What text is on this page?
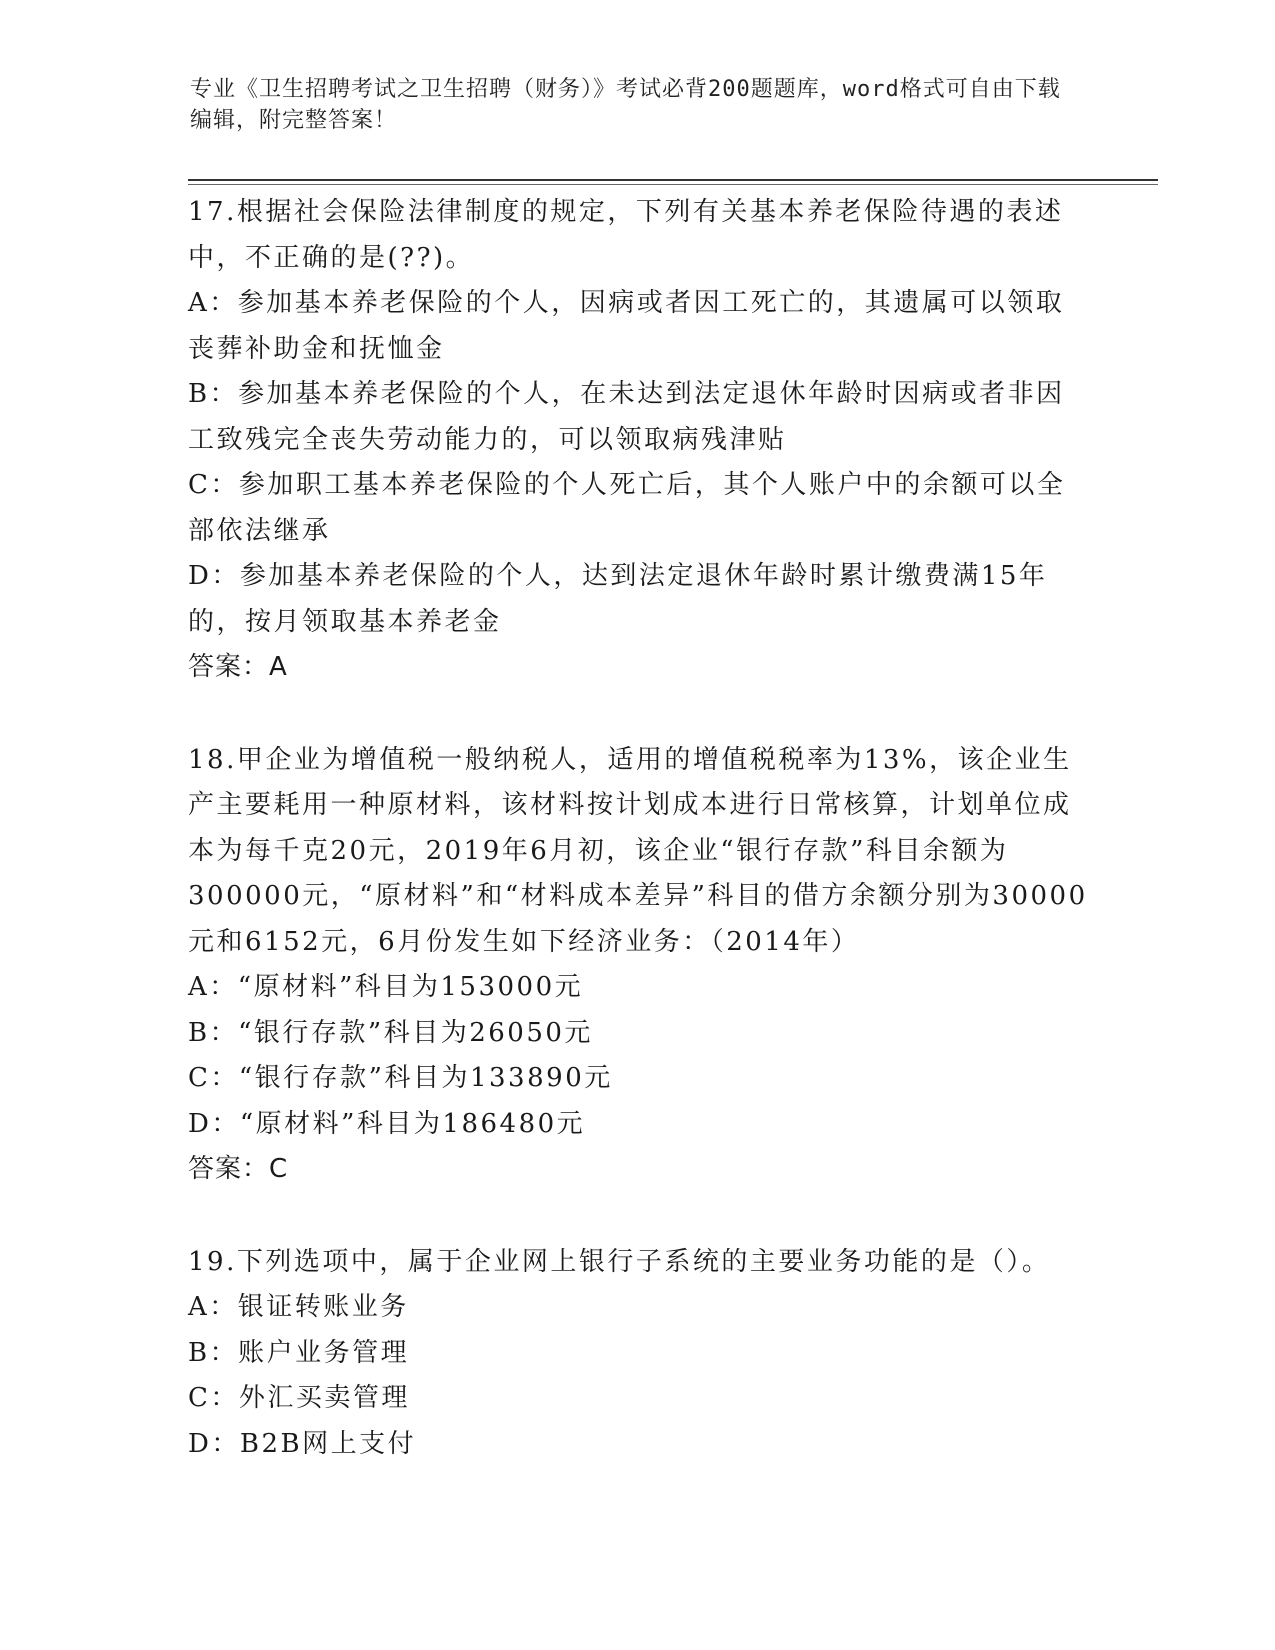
专业《卫生招聘考试之卫生招聘（财务）》考试必背200题题库，word格式可自由下载编辑，附完整答案！

17.根据社会保险法律制度的规定，下列有关基本养老保险待遇的表述中，不正确的是(??)。

A：参加基本养老保险的个人，因病或者因工死亡的，其遗属可以领取丧葬补助金和抚恤金

B：参加基本养老保险的个人，在未达到法定退休年龄时因病或者非因工致残完全丧失劳动能力的，可以领取病残津贴

C：参加职工基本养老保险的个人死亡后，其个人账户中的余额可以全部依法继承

D：参加基本养老保险的个人，达到法定退休年龄时累计缴费满15年的，按月领取基本养老金

答案：A

18.甲企业为增值税一般纳税人，适用的增值税税率为13%，该企业生产主要耗用一种原材料，该材料按计划成本进行日常核算，计划单位成本为每千克20元，2019年6月初，该企业“银行存款”科目余额为300000元，“原材料”和“材料成本差异”科目的借方余额分别为30000元和6152元，6月份发生如下经济业务：（2014年）

A：“原材料”科目为153000元

B：“银行存款”科目为26050元

C：“银行存款”科目为133890元

D：“原材料”科目为186480元

答案：C

19.下列选项中，属于企业网上银行子系统的主要业务功能的是（）。

A：银证转账业务

B：账户业务管理

C：外汇买卖管理

D：B2B网上支付
